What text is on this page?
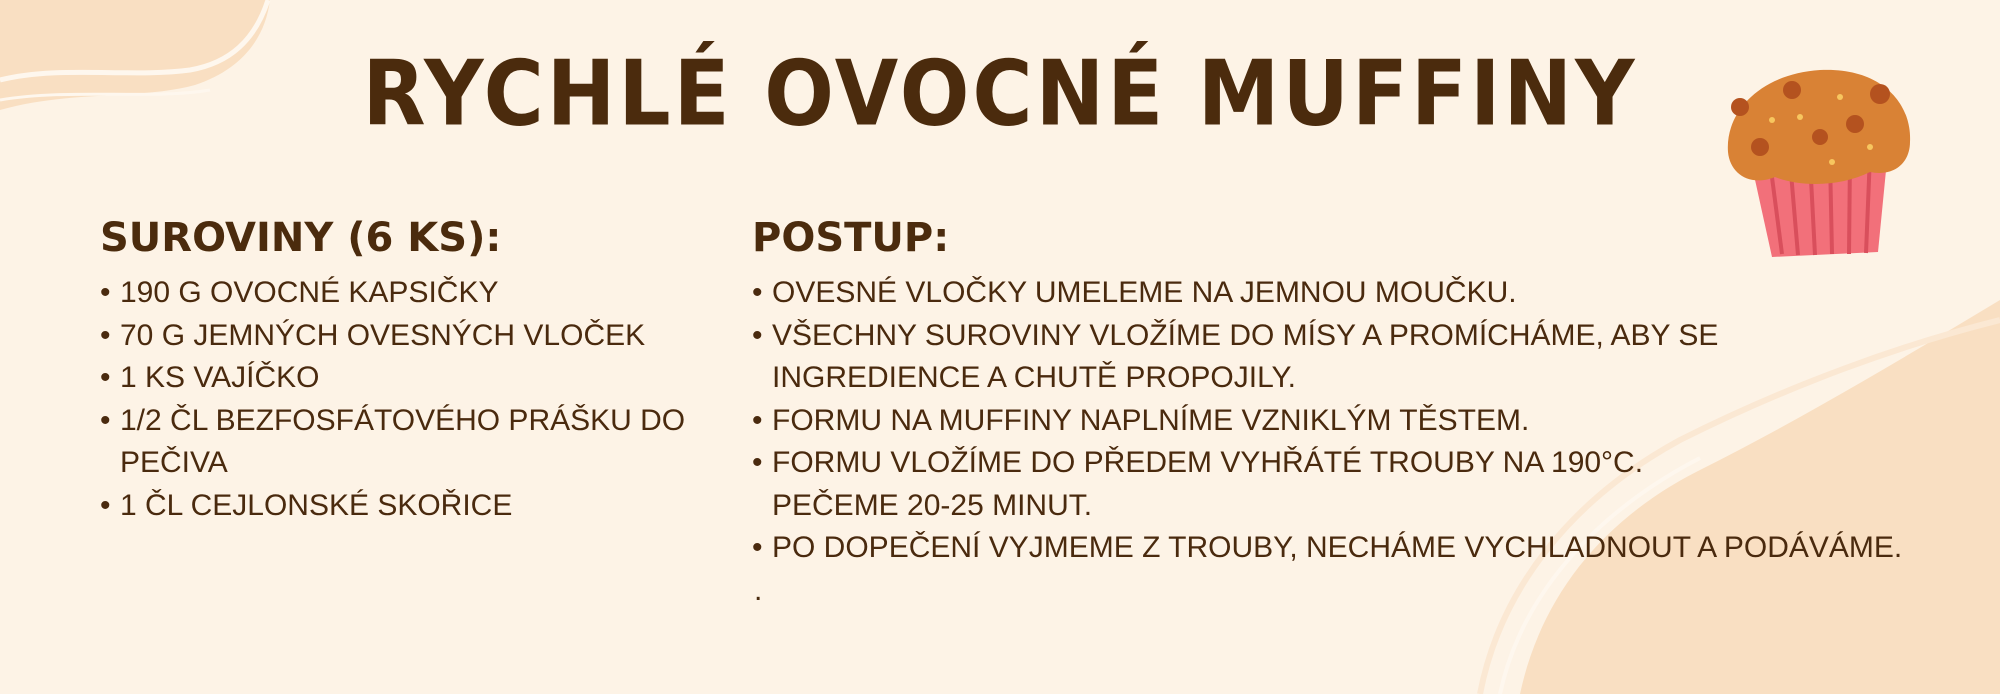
RYCHLÉ OVOCNÉ MUFFINY
SUROVINY (6 KS):
• 190 G OVOCNÉ KAPSIČKY
• 70 G JEMNÝCH OVESNÝCH VLOČEK
• 1 KS VAJÍČKO
• 1/2 ČL BEZFOSFÁTOVÉHO PRÁŠKU DO PEČIVA
• 1 ČL CEJLONSKÉ SKOŘICE
POSTUP:
• OVESNÉ VLOČKY UMELEME NA JEMNOU MOUČKU.
• VŠECHNY SUROVINY VLOŽÍME DO MÍSY A PROMÍCHÁME, ABY SE INGREDIENCE A CHUTĚ PROPOJILY.
• FORMU NA MUFFINY NAPLNÍME VZNIKLÝM TĚSTEM.
• FORMU VLOŽÍME DO PŘEDEM VYHŘÁTÉ TROUBY NA 190°C. PEČEME 20-25 MINUT.
• PO DOPEČENÍ VYJMEME Z TROUBY, NECHÁME VYCHLADNOUT A PODÁVÁME.
.
